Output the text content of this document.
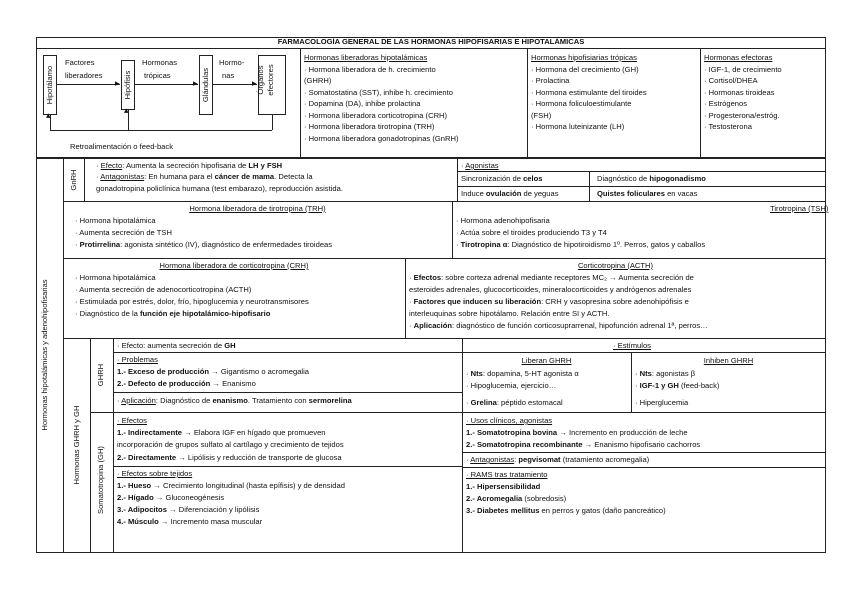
FARMACOLOGÍA GENERAL DE LAS HORMONAS HIPOFISARIAS E HIPOTALÁMICAS
Hipotálamo
Factores
liberadores
▸ Hipófisis
Hormonas
trópicas
▸ Glándulas
Hormo-
nas
▸ Órganos efectores
▴	▴
Retroalimentación o feed-back
Hormonas liberadoras hipotalámicas
· Hormona liberadora de h. crecimiento
(GHRH)
· Somatostatina (SST), inhibe h. crecimiento
· Dopamina (DA), inhibe prolactina
· Hormona liberadora corticotropina (CRH)
· Hormona liberadora tirotropina (TRH)
· Hormona liberadora gonadotropinas (GnRH)
Hormonas hipofisiarias trópicas
· Hormona del crecimiento (GH)
· Prolactina
· Hormona estimulante del tiroides
· Hormona foliculoestimulante
(FSH)
· Hormona luteinizante (LH)
Hormonas efectoras
· IGF-1, de crecimiento
· Cortisol/DHEA
· Hormonas tiroideas
· Estrógenos
· Progesterona/estróg.
· Testosterona
Hormonas hipotalámicas y adenohipofisarias
GnRH
· Efecto: Aumenta la secreción hipofisaria de LH y FSH
· Antagonistas: En humana para el cáncer de mama. Detecta la
gonadotropina policlínica humana (test embarazo), reproducción asistida.
· Agonistas
Sincronización de celos	Diagnóstico de hipogonadismo
Induce ovulación de yeguas	Quistes foliculares en vacas
Hormona liberadora de tirotropina (TRH)
· Hormona hipotalámica
· Aumenta secreción de TSH
· Protirrelina: agonista sintético (IV), diagnóstico de enfermedades tiroideas
Tirotropina (TSH)
· Hormona adenohipofisaria
· Actúa sobre el tiroides produciendo T3 y T4
· Tirotropina α: Diagnóstico de hipotiroidismo 1º. Perros, gatos y caballos
Hormona liberadora de corticotropina (CRH)
· Hormona hipotalámica
· Aumenta secreción de adenocorticotropina (ACTH)
· Estimulada por estrés, dolor, frío, hipoglucemia y neurotransmisores
· Diagnóstico de la función eje hipotalámico-hipofisario
Corticotropina (ACTH)
· Efectos: sobre corteza adrenal mediante receptores MC₂ → Aumenta secreción de
esteroides adrenales, glucocorticoides, mineralocorticoides y andrógenos adrenales
· Factores que inducen su liberación: CRH y vasopresina sobre adenohipófisis e
interleuquinas sobre hipotálamo. Relación entre SI y ACTH.
· Aplicación: diagnóstico de función corticosuprarrenal, hipofunción adrenal 1ª, perros…
Hormonas GHRH y GH
GHRH
Somatotropina (GH)
· Efecto: aumenta secreción de GH
· Problemas
1.- Exceso de producción → Gigantismo o acromegalia
2.- Defecto de producción → Enanismo
· Aplicación: Diagnóstico de enanismo. Tratamiento con sermorelina
· Estímulos
Liberan GHRH	Inhiben GHRH
· Nts: dopamina, 5-HT agonista α
· Hipoglucemia, ejercicio…
· Grelina: péptido estomacal
· Nts: agonistas β
· IGF-1 y GH (feed-back)
· Hiperglucemia
· Efectos
1.- Indirectamente → Elabora IGF en hígado que promueven
incorporación de grupos sulfato al cartílago y crecimiento de tejidos
2.- Directamente → Lipólisis y reducción de transporte de glucosa
· Efectos sobre tejidos
1.- Hueso → Crecimiento longitudinal (hasta epífisis) y de densidad
2.- Hígado → Gluconeogénesis
3.- Adipocitos → Diferenciación y lipólisis
4.- Músculo → Incremento masa muscular
· Usos clínicos, agonistas
1.- Somatotropina bovina → Incremento en producción de leche
2.- Somatotropina recombinante → Enanismo hipofisario cachorros
· Antagonistas: pegvisomat (tratamiento acromegalia)
· RAMS tras tratamiento
1.- Hipersensibilidad
2.- Acromegalia (sobredosis)
3.- Diabetes mellitus en perros y gatos (daño pancreático)
